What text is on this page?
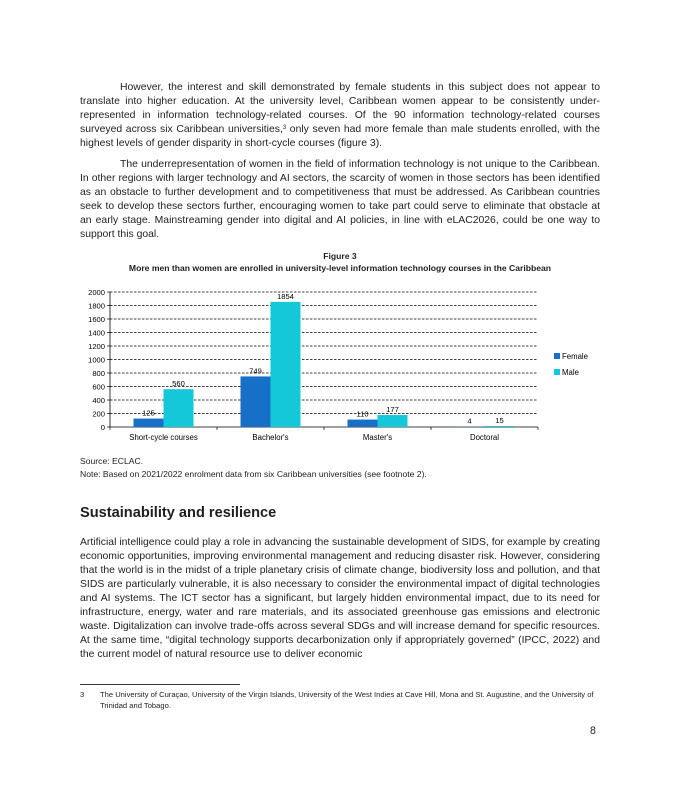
However, the interest and skill demonstrated by female students in this subject does not appear to translate into higher education. At the university level, Caribbean women appear to be consistently under-represented in information technology-related courses. Of the 90 information technology-related courses surveyed across six Caribbean universities,$^3$ only seven had more female than male students enrolled, with the highest levels of gender disparity in short-cycle courses (figure 3).

The underrepresentation of women in the field of information technology is not unique to the Caribbean. In other regions with larger technology and AI sectors, the scarcity of women in those sectors has been identified as an obstacle to further development and to competitiveness that must be addressed. As Caribbean countries seek to develop these sectors further, encouraging women to take part could serve to eliminate that obstacle at an early stage. Mainstreaming gender into digital and AI policies, in line with eLAC2026, could be one way to support this goal.

Figure 3

More men than women are enrolled in university-level information technology courses in the Caribbean

0
200
400
600
800
1000
1200
1400
1600
1800
2000
125
560
Short-cycle courses
749
1854
Bachelor's
110
177
Master's
4	15
Doctoral
Female
Male

Source: ECLAC.

Note: Based on 2021/2022 enrolment data from six Caribbean universities (see footnote 2).

Sustainability and resilience

Artificial intelligence could play a role in advancing the sustainable development of SIDS, for example by creating economic opportunities, improving environmental management and reducing disaster risk. However, considering that the world is in the midst of a triple planetary crisis of climate change, biodiversity loss and pollution, and that SIDS are particularly vulnerable, it is also necessary to consider the environmental impact of digital technologies and AI systems. The ICT sector has a significant, but largely hidden environmental impact, due to its need for infrastructure, energy, water and rare materials, and its associated greenhouse gas emissions and electronic waste. Digitalization can involve trade-offs across several SDGs and will increase demand for specific resources. At the same time, “digital technology supports decarbonization only if appropriately governed” (IPCC, 2022) and the current model of natural resource use to deliver economic

3 The University of Curaçao, University of the Virgin Islands, University of the West Indies at Cave Hill, Mona and St. Augustine, and the University of Trinidad and Tobago.
8
